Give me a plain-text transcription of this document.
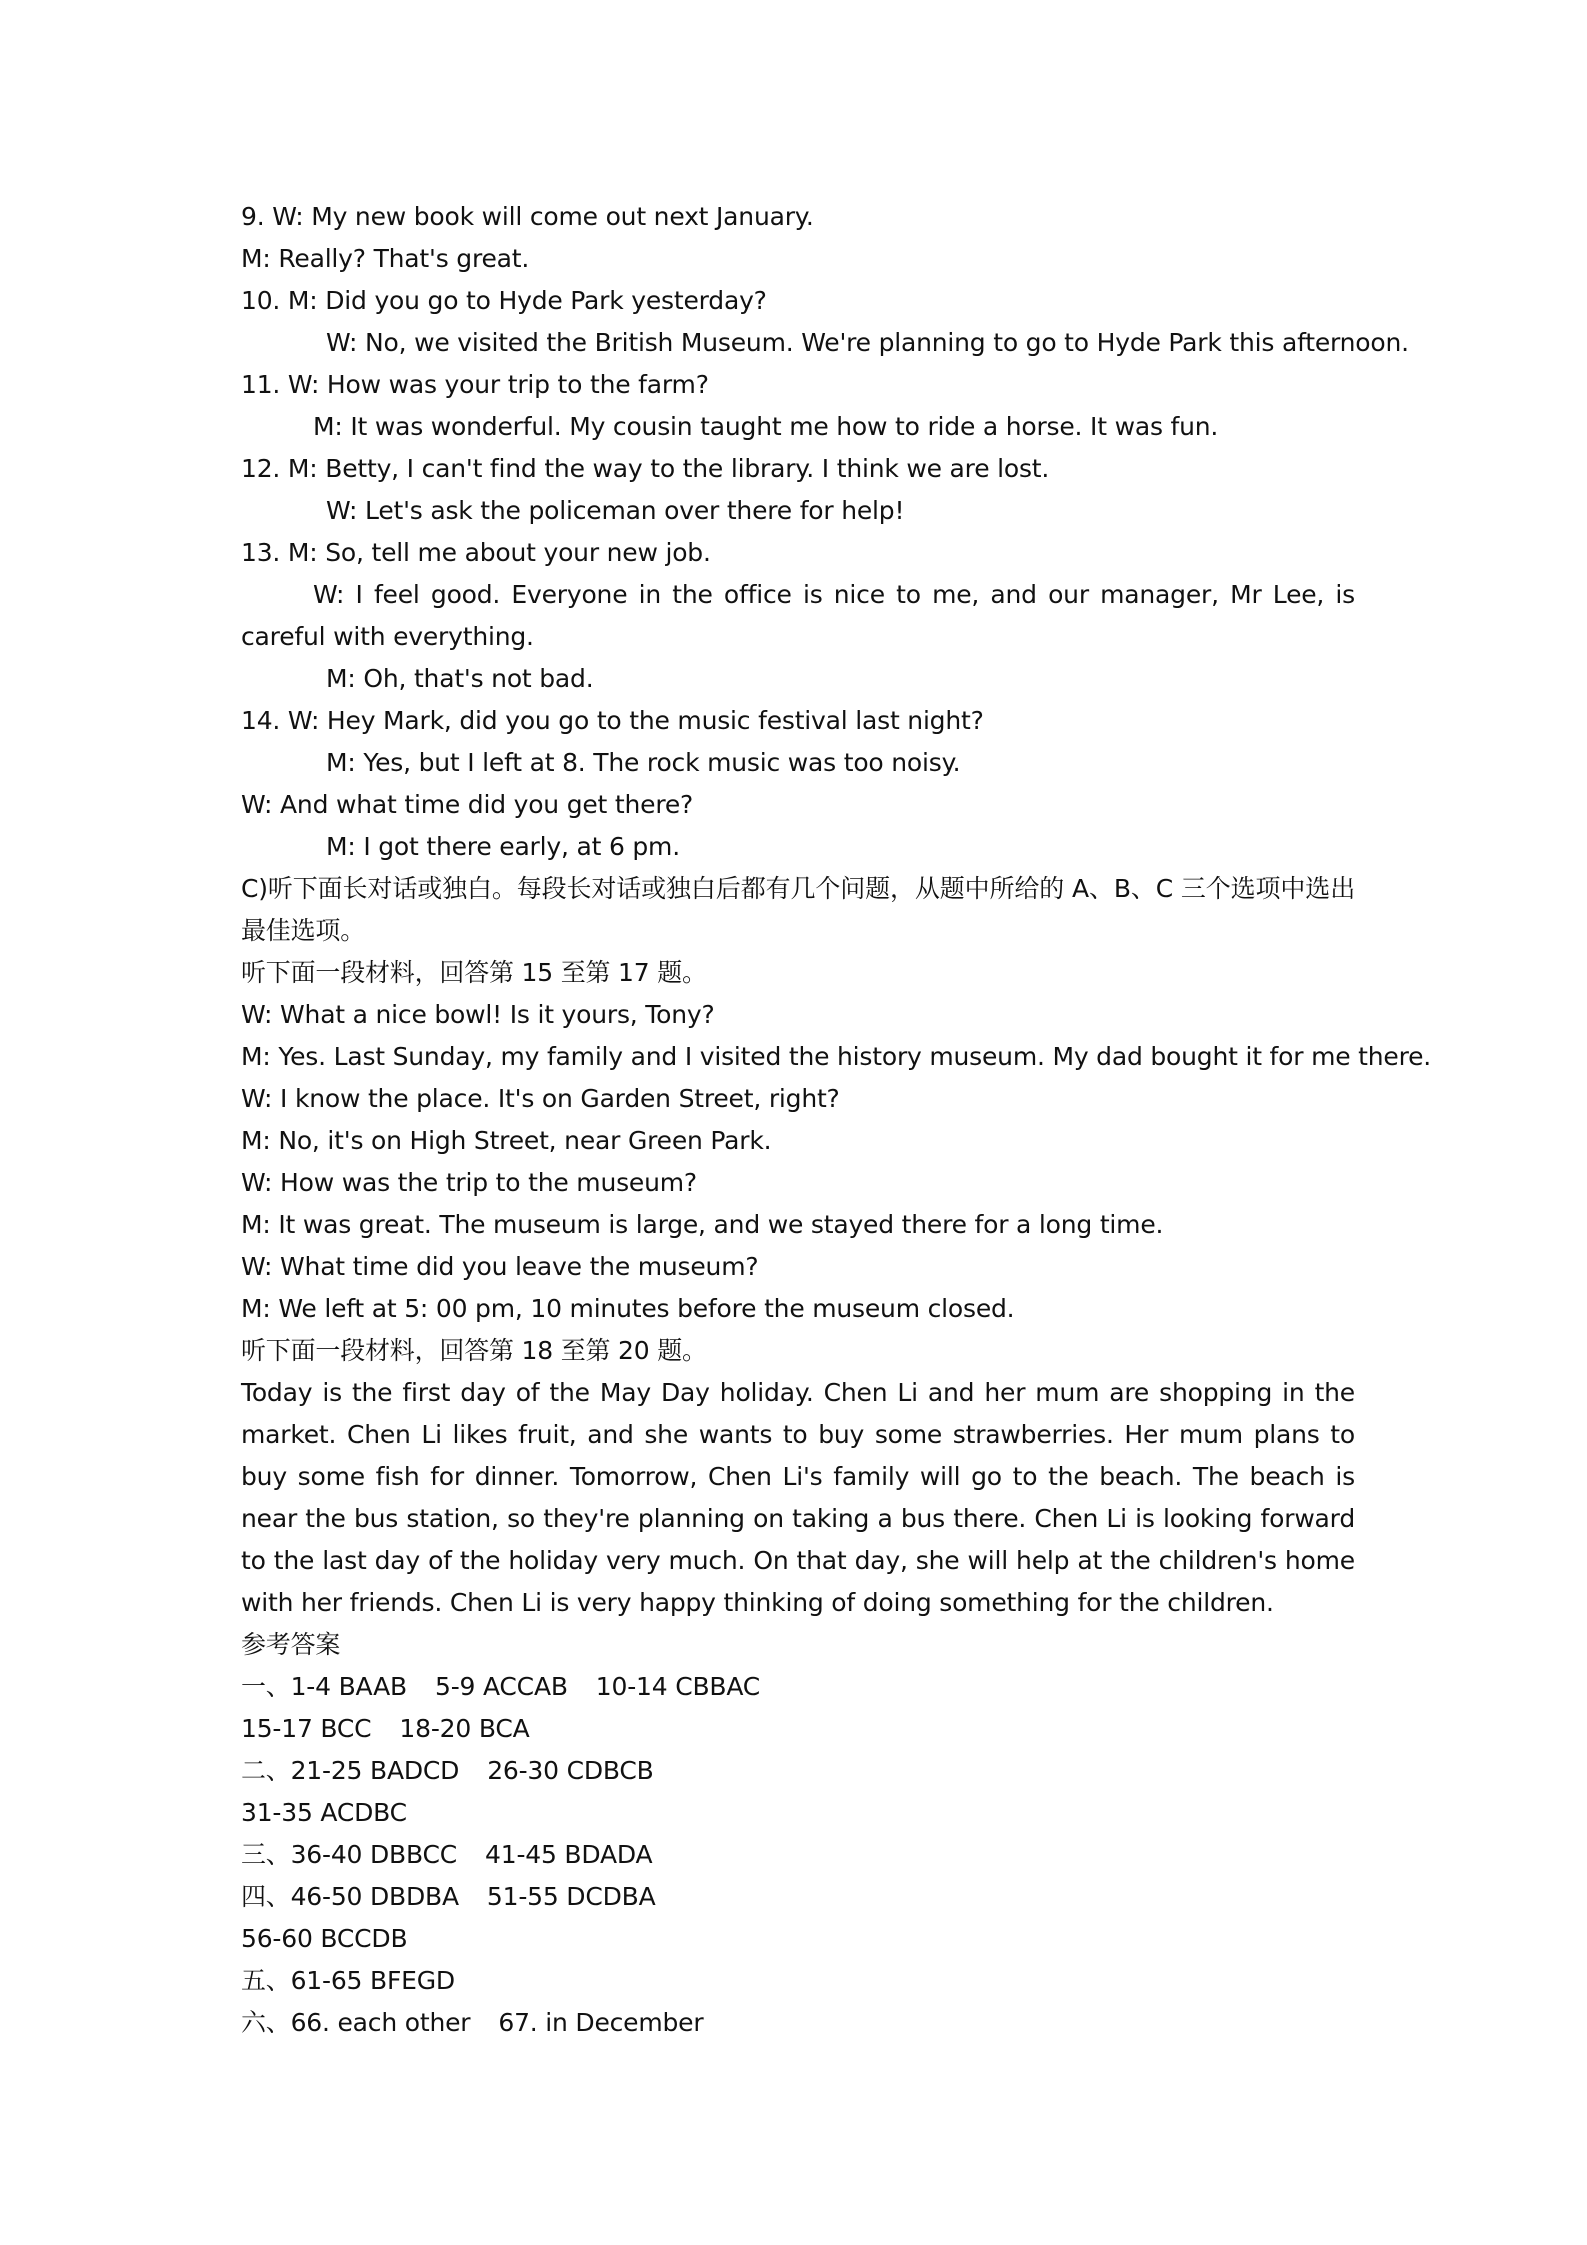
9. W: My new book will come out next January.
M: Really? That's great.
10. M: Did you go to Hyde Park yesterday?
W: No, we visited the British Museum. We're planning to go to Hyde Park this afternoon.
11. W: How was your trip to the farm?
M: It was wonderful. My cousin taught me how to ride a horse. It was fun.
12. M: Betty, I can't find the way to the library. I think we are lost.
W: Let's ask the policeman over there for help!
13. M: So, tell me about your new job.
W: I feel good. Everyone in the office is nice to me, and our manager, Mr Lee, is careful with everything.
M: Oh, that's not bad.
14. W: Hey Mark, did you go to the music festival last night?
M: Yes, but I left at 8. The rock music was too noisy.
W: And what time did you get there?
M: I got there early, at 6 pm.
C)听下面长对话或独白。每段长对话或独白后都有几个问题，从题中所给的 A、B、C 三个选项中选出最佳选项。
听下面一段材料，回答第 15 至第 17 题。
W: What a nice bowl! Is it yours, Tony?
M: Yes. Last Sunday, my family and I visited the history museum. My dad bought it for me there.
W: I know the place. It's on Garden Street, right?
M: No, it's on High Street, near Green Park.
W: How was the trip to the museum?
M: It was great. The museum is large, and we stayed there for a long time.
W: What time did you leave the museum?
M: We left at 5: 00 pm, 10 minutes before the museum closed.
听下面一段材料，回答第 18 至第 20 题。
Today is the first day of the May Day holiday. Chen Li and her mum are shopping in the market. Chen Li likes fruit, and she wants to buy some strawberries. Her mum plans to buy some fish for dinner. Tomorrow, Chen Li's family will go to the beach. The beach is near the bus station, so they're planning on taking a bus there. Chen Li is looking forward to the last day of the holiday very much. On that day, she will help at the children's home with her friends. Chen Li is very happy thinking of doing something for the children.
参考答案
一、1-4 BAAB 5-9 ACCAB 10-14 CBBAC
15-17 BCC 18-20 BCA
二、21-25 BADCD 26-30 CDBCB
31-35 ACDBC
三、36-40 DBBCC 41-45 BDADA
四、46-50 DBDBA 51-55 DCDBA
56-60 BCCDB
五、61-65 BFEGD
六、66. each other 67. in December
